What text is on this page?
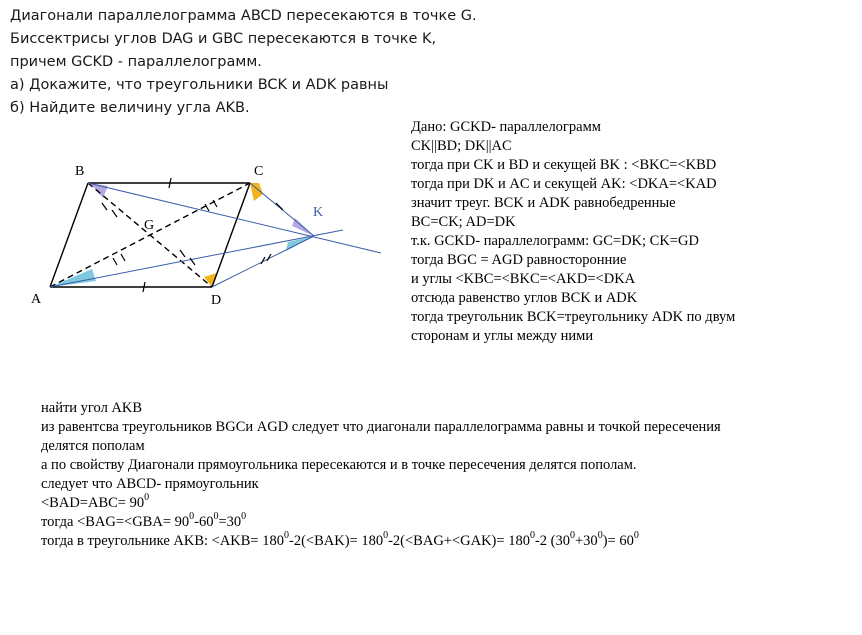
Диагонали параллелограмма ABCD пересекаются в точке G.
Биссектрисы углов DAG и GBC пересекаются в точке K,
причем GCKD - параллелограмм.
а) Докажите, что треугольники BCK и ADK равны
б) Найдите величину угла AKB.
A
B	C
D
G
K
Дано: GCKD- параллелограмм
CK||BD; DK||AC
тогда при CK и BD и секущей BK : <BKC=<KBD
тогда при DK и AC и секущей AK: <DKA=<KAD
значит треуг. BCK и ADK равнобедренные
BC=CK; AD=DK
т.к. GCKD- параллелограмм: GC=DK; CK=GD
тогда BGC = AGD равносторонние
и углы <KBC=<BKC=<AKD=<DKA
отсюда равенство углов BCK и ADK
тогда треугольник BCK=треугольнику ADK по двум
сторонам и углы между ними
найти угол AKB
из равентсва треугольников BGCи AGD следует что диагонали параллелограмма равны и точкой пересечения
делятся пополам
а по свойству Диагонали прямоугольника пересекаются и в точке пересечения делятся пополам.
следует что ABCD- прямоугольник
$<BAD=ABC= 90^0$
тогда $<BAG=<GBA= 90^0-60^0=30^0$
тогда в треугольнике AKB: $<AKB= 180^0-2(<BAK)= 180^0-2(<BAG+<GAK)= 180^0-2$ $(30^0+30^0)= 60^0$
